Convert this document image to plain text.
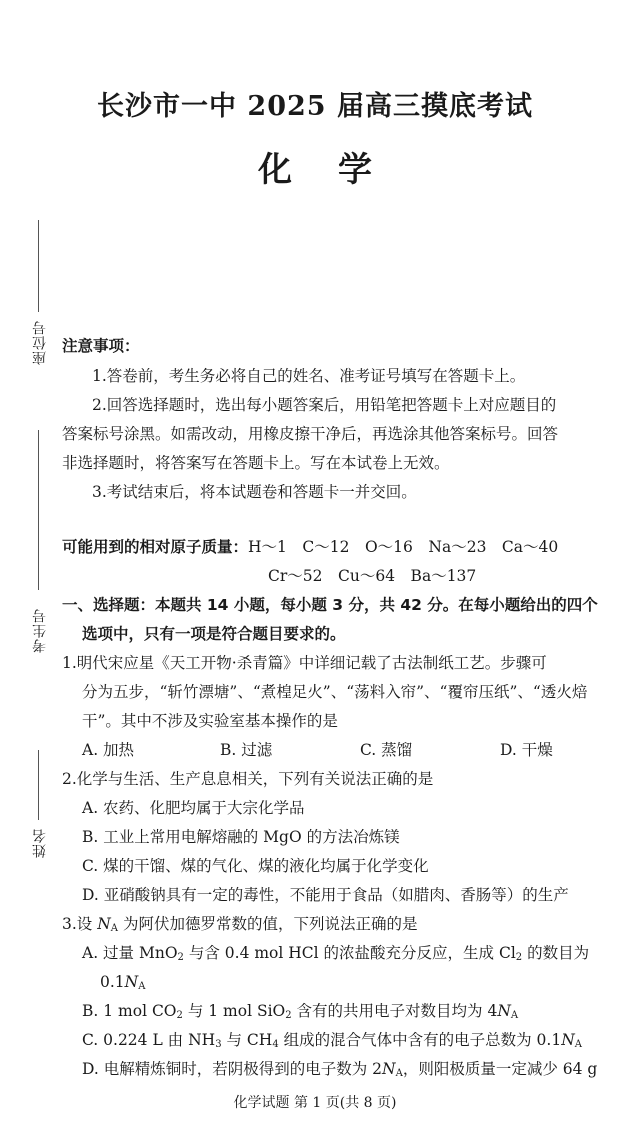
长沙市一中 2025 届高三摸底考试
化学
座位号
考生号
姓名
注意事项：
1.答卷前，考生务必将自己的姓名、准考证号填写在答题卡上。
2.回答选择题时，选出每小题答案后，用铅笔把答题卡上对应题目的
答案标号涂黑。如需改动，用橡皮擦干净后，再选涂其他答案标号。回答
非选择题时，将答案写在答题卡上。写在本试卷上无效。
3.考试结束后，将本试题卷和答题卡一并交回。
可能用到的相对原子质量：H～1　C～12　O～16　Na～23　Ca～40
Cr～52　Cu～64　Ba～137
一、选择题：本题共 14 小题，每小题 3 分，共 42 分。在每小题给出的四个
选项中，只有一项是符合题目要求的。
1.明代宋应星《天工开物·杀青篇》中详细记载了古法制纸工艺。步骤可
分为五步，“斩竹漂塘”、“煮楻足火”、“荡料入帘”、“覆帘压纸”、“透火焙
干”。其中不涉及实验室基本操作的是
A. 加热	B. 过滤	C. 蒸馏	D. 干燥
2.化学与生活、生产息息相关，下列有关说法正确的是
A. 农药、化肥均属于大宗化学品
B. 工业上常用电解熔融的 MgO 的方法冶炼镁
C. 煤的干馏、煤的气化、煤的液化均属于化学变化
D. 亚硝酸钠具有一定的毒性，不能用于食品（如腊肉、香肠等）的生产
3.设 $N_A$ 为阿伏加德罗常数的值，下列说法正确的是
A. 过量 MnO$_2$ 与含 0.4 mol HCl 的浓盐酸充分反应，生成 $Cl_2$ 的数目为
$0.1N_A$
B. 1 mol $CO_2$ 与 1 mol SiO$_2$ 含有的共用电子对数目均为 $4N_A$
C. 0.224 L 由 $NH_3$ 与 $CH_4$ 组成的混合气体中含有的电子总数为 $0.1N_A$
D. 电解精炼铜时，若阴极得到的电子数为 $2N_A$，则阳极质量一定减少 64 g
化学试题 第 1 页(共 8 页)
